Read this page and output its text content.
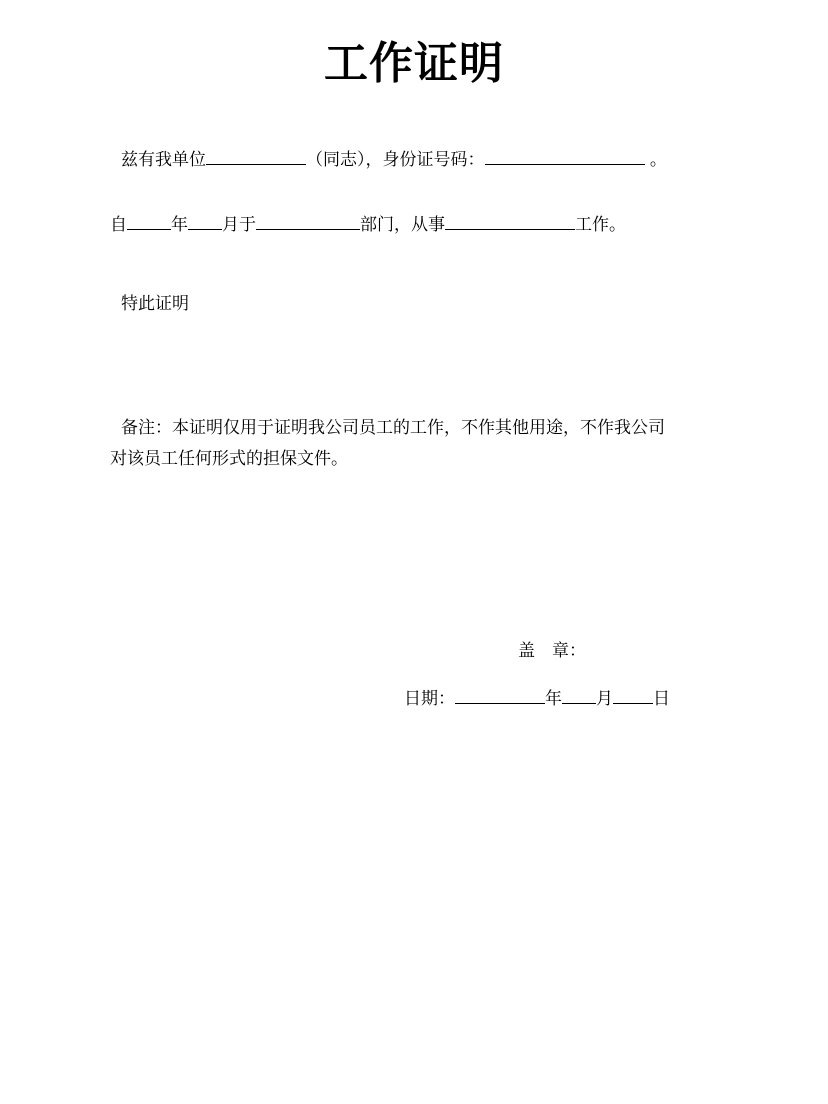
工作证明
兹有我单位	（同志），身份证号码：	。
自	年 月于	部门，从事	工作。
特此证明
备注：本证明仅用于证明我公司员工的工作，不作其他用途，不作我公司
对该员工任何形式的担保文件。
盖　章：
日期：	年 月 日
